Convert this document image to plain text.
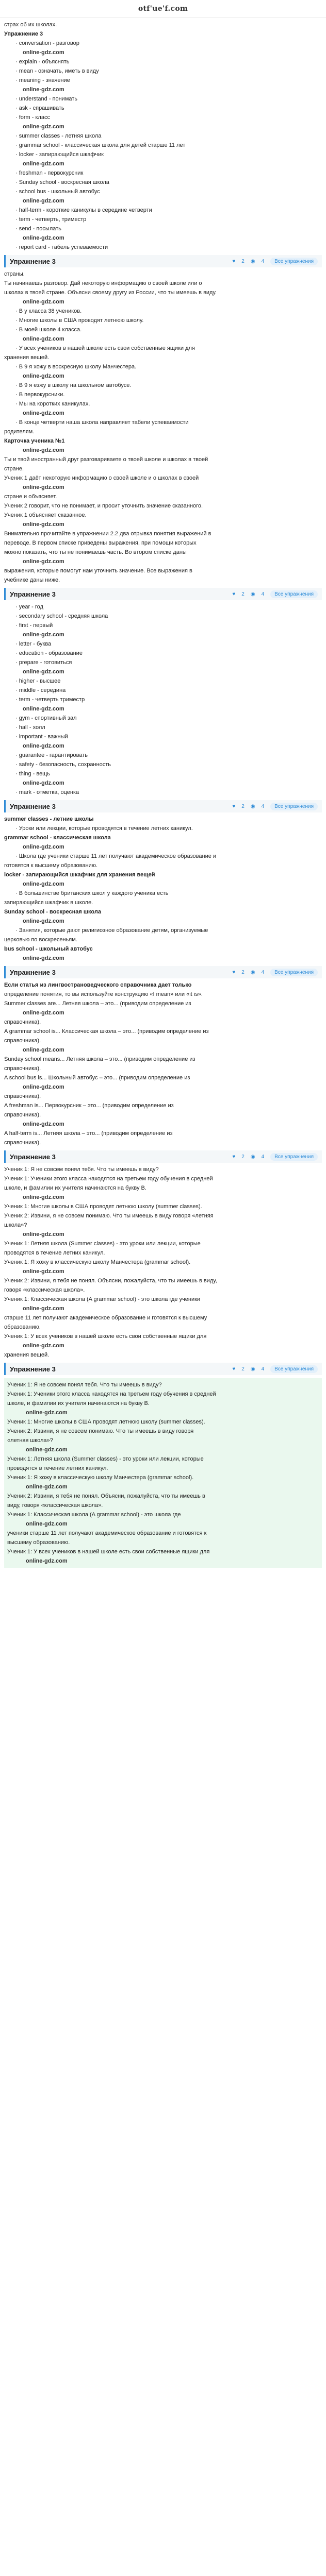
otf'ue'f.com
страх об их школах.
Упражнение 3
· conversation - разговор
online-gdz.com
· explain - объяснять
· mean - означать, иметь в виду
· meaning - значение
online-gdz.com
· understand - понимать
· ask - спрашивать
· form - класс
online-gdz.com
· summer classes - летняя школа
· grammar school - классическая школа для детей старше 11 лет
· locker - запирающийся шкафчик
online-gdz.com
· freshman - первокурсник
· Sunday school - воскресная школа
· school bus - школьный автобус
online-gdz.com
· half-term - короткие каникулы в середине четверти
· term - четверть, триместр
· send - посылать
online-gdz.com
· report card - табель успеваемости
Упражнение 3	♥ 2 ◉ 4	Все упражнения
страны.
Ты начинаешь разговор. Дай некоторую информацию о своей школе или о
школах в твоей стране. Объясни своему другу из России, что ты имеешь в виду.
online-gdz.com
· В у класса 38 учеников.
· Многие школы в США проводят летнюю школу.
· В моей школе 4 класса.
online-gdz.com
· У всех учеников в нашей школе есть свои собственные ящики для
хранения вещей.
· В 9 я хожу в воскресную школу Манчестера.
online-gdz.com
· В 9 я езжу в школу на школьном автобусе.
· В первокурсники.
· Мы на коротких каникулах.
online-gdz.com
· В конце четверти наша школа направляет табели успеваемости
родителям.
Карточка ученика №1
online-gdz.com
Ты и твой иностранный друг разговариваете о твоей школе и школах в твоей
стране.
Ученик 1 даёт некоторую информацию о своей школе и о школах в своей
online-gdz.com
стране и объясняет.
Ученик 2 говорит, что не понимает, и просит уточнить значение сказанного.
Ученик 1 объясняет сказанное.
online-gdz.com
Внимательно прочитайте в упражнении 2.2 два отрывка понятия выражений в
переводе. В первом списке приведены выражения, при помощи которых
можно показать, что ты не понимаешь часть. Во втором списке даны
online-gdz.com
выражения, которые помогут нам уточнить значение. Все выражения в
учебнике даны ниже.
Упражнение 3	♥ 2 ◉ 4	Все упражнения
· year - год
· secondary school - средняя школа
· first - первый
online-gdz.com
· letter - буква
· education - образование
· prepare - готовиться
online-gdz.com
· higher - высшее
· middle - середина
· term - четверть триместр
online-gdz.com
· gym - спортивный зал
· hall - холл
· important - важный
online-gdz.com
· guarantee - гарантировать
· safety - безопасность, сохранность
· thing - вещь
online-gdz.com
· mark - отметка, оценка
Упражнение 3	♥ 2 ◉ 4	Все упражнения
summer classes - летние школы
· Уроки или лекции, которые проводятся в течение летних каникул.
grammar school - классическая школа
online-gdz.com
· Школа где ученики старше 11 лет получают академическое образование и
готовятся к высшему образованию.
locker - запирающийся шкафчик для хранения вещей
online-gdz.com
· В большинстве британских школ у каждого ученика есть
запирающийся шкафчик в школе.
Sunday school - воскресная школа
online-gdz.com
· Занятия, которые дают религиозное образование детям, организуемые
церковью по воскресеньям.
bus school - школьный автобус
online-gdz.com
Упражнение 3	♥ 2 ◉ 4	Все упражнения
Если статья из лингвострановедческого справочника дает только
определение понятия, то вы используйте конструкцию «I mean» или «it is».
Summer classes are... Летняя школа – это... (приводим определение из
online-gdz.com
справочника).
A grammar school is... Классическая школа – это... (приводим определение из
справочника).
online-gdz.com
Sunday school means... Летняя школа – это... (приводим определение из
справочника).
A school bus is... Школьный автобус – это... (приводим определение из
online-gdz.com
справочника).
A freshman is... Первокурсник – это... (приводим определение из
справочника).
online-gdz.com
A half-term is... Летняя школа – это... (приводим определение из
справочника).
Упражнение 3	♥ 2 ◉ 4	Все упражнения
Ученик 1: Я не совсем понял тебя. Что ты имеешь в виду?
Ученик 1: Ученики этого класса находятся на третьем году обучения в средней
школе, и фамилии их учителя начинаются на букву В.
online-gdz.com
Ученик 1: Многие школы в США проводят летнюю школу (summer classes).
Ученик 2: Извини, я не совсем понимаю. Что ты имеешь в виду говоря «летняя
школа»?
online-gdz.com
Ученик 1: Летняя школа (Summer classes) - это уроки или лекции, которые
проводятся в течение летних каникул.
Ученик 1: Я хожу в классическую школу Манчестера (grammar school).
online-gdz.com
Ученик 2: Извини, я тебя не понял. Объясни, пожалуйста, что ты имеешь в виду,
говоря «классическая школа».
Ученик 1: Классическая школа (A grammar school) - это школа где ученики
online-gdz.com
старше 11 лет получают академическое образование и готовятся к высшему
образованию.
Ученик 1: У всех учеников в нашей школе есть свои собственные ящики для
online-gdz.com
хранения вещей.
Упражнение 3	♥ 2 ◉ 4	Все упражнения
Ученик 1: Я не совсем понял тебя. Что ты имеешь в виду?
Ученик 1: Ученики этого класса находятся на третьем году обучения в средней
школе, и фамилии их учителя начинаются на букву В.
online-gdz.com
Ученик 1: Многие школы в США проводят летнюю школу (summer classes).
Ученик 2: Извини, я не совсем понимаю. Что ты имеешь в виду говоря
«летняя школа»?
online-gdz.com
Ученик 1: Летняя школа (Summer classes) - это уроки или лекции, которые
проводятся в течение летних каникул.
Ученик 1: Я хожу в классическую школу Манчестера (grammar school).
online-gdz.com
Ученик 2: Извини, я тебя не понял. Объясни, пожалуйста, что ты имеешь в
виду, говоря «классическая школа».
Ученик 1: Классическая школа (A grammar school) - это школа где
online-gdz.com
ученики старше 11 лет получают академическое образование и готовятся к
высшему образованию.
Ученик 1: У всех учеников в нашей школе есть свои собственные ящики для
online-gdz.com
